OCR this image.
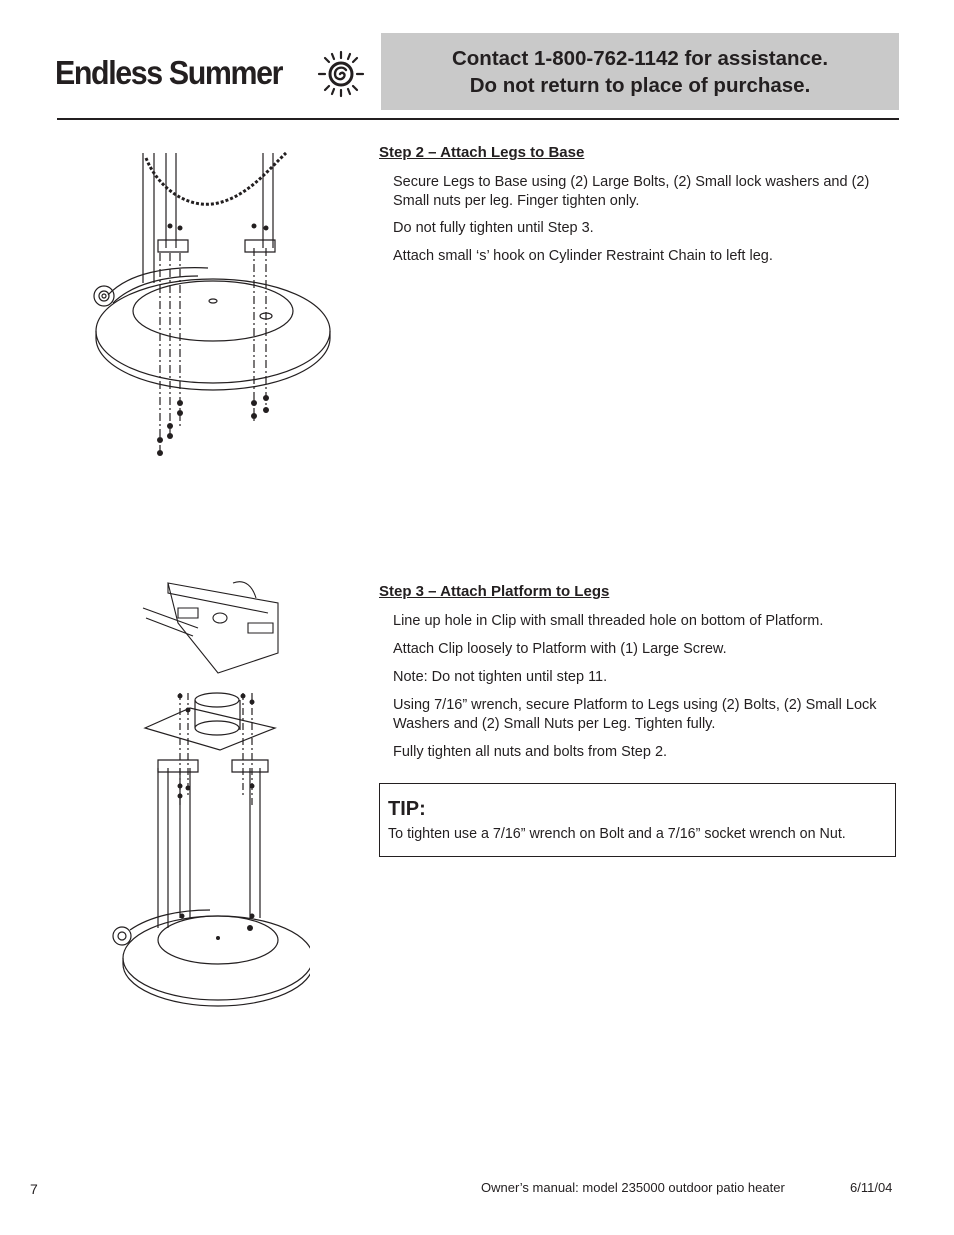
Endless Summer	Contact 1-800-762-1142 for assistance.
Do not return to place of purchase.
Step 2 – Attach Legs to Base
Secure Legs to Base using (2) Large Bolts, (2) Small lock washers and (2) Small nuts per leg. Finger tighten only.
Do not fully tighten until Step 3.
Attach small ‘s’ hook on Cylinder Restraint Chain to left leg.
Step 3 – Attach Platform to Legs
Line up hole in Clip with small threaded hole on bottom of Platform.
Attach Clip loosely to Platform with (1) Large Screw.
Note: Do not tighten until step 11.
Using 7/16” wrench, secure Platform to Legs using (2) Bolts, (2) Small Lock Washers and (2) Small Nuts per Leg. Tighten fully.
Fully tighten all nuts and bolts from Step 2.
TIP:
To tighten use a 7/16” wrench on Bolt and a 7/16” socket wrench on Nut.
7	Owner’s manual: model 235000 outdoor patio heater	6/11/04
